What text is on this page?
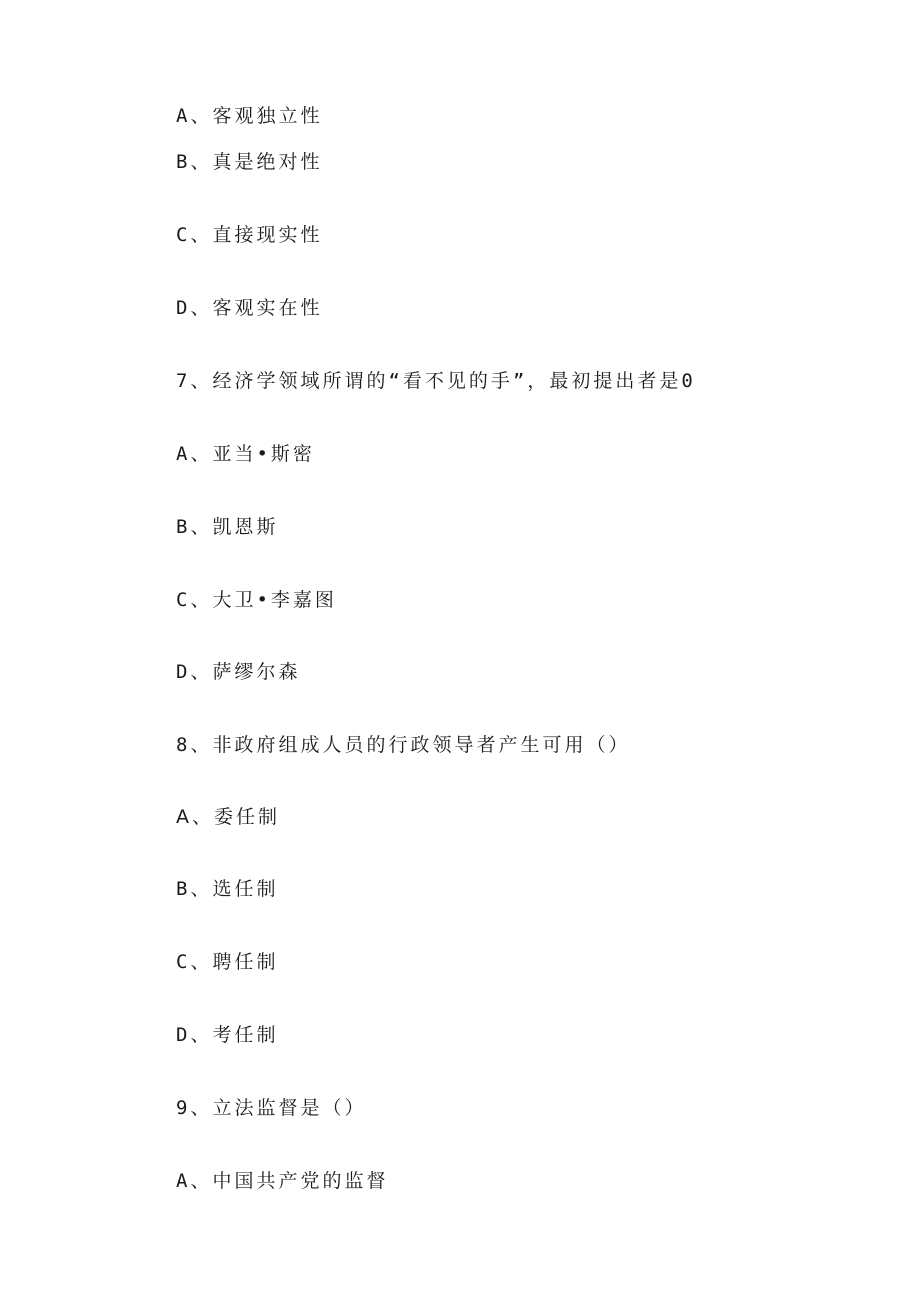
A、客观独立性
B、真是绝对性
C、直接现实性
D、客观实在性
7、经济学领域所谓的“看不见的手”，最初提出者是0
A、亚当•斯密
B、凯恩斯
C、大卫•李嘉图
D、萨缪尔森
8、非政府组成人员的行政领导者产生可用（）
A、委任制
B、选任制
C、聘任制
D、考任制
9、立法监督是（）
A、中国共产党的监督
